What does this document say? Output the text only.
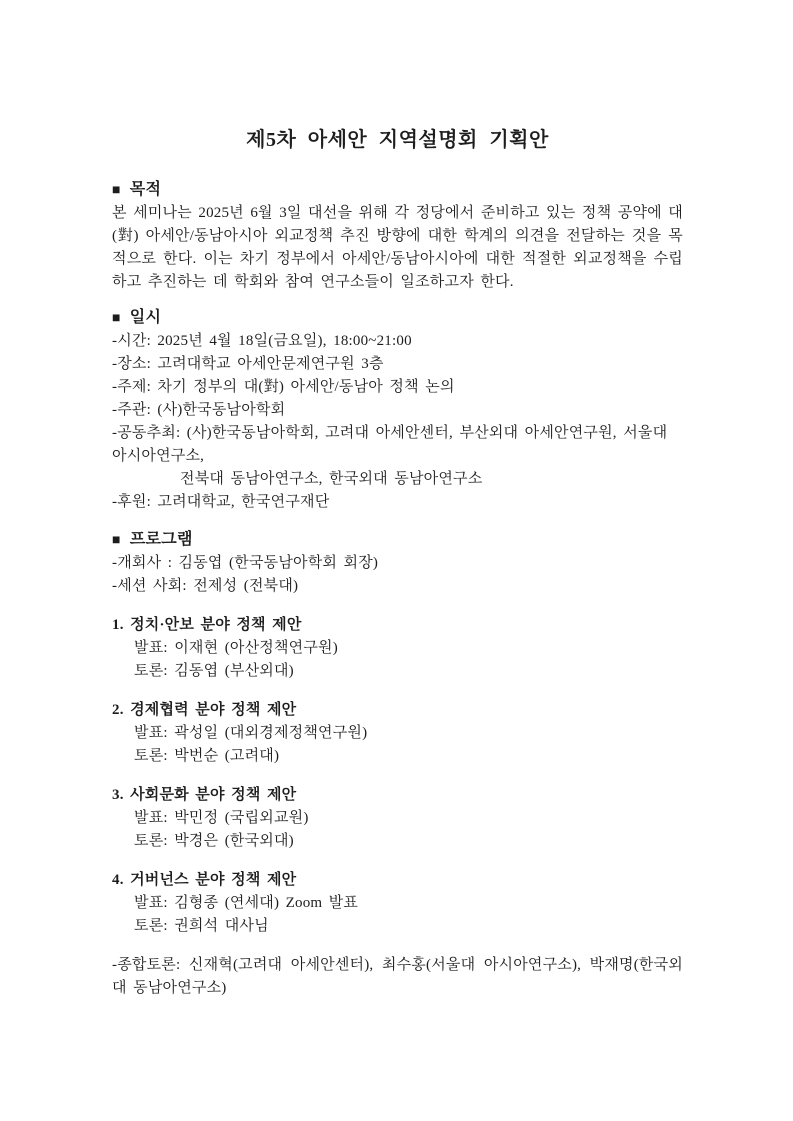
제5차 아세안 지역설명회 기획안
■ 목적

본 세미나는 2025년 6월 3일 대선을 위해 각 정당에서 준비하고 있는 정책 공약에 대(對) 아세안/동남아시아 외교정책 추진 방향에 대한 학계의 의견을 전달하는 것을 목적으로 한다. 이는 차기 정부에서 아세안/동남아시아에 대한 적절한 외교정책을 수립하고 추진하는 데 학회와 참여 연구소들이 일조하고자 한다.

■ 일시
-시간: 2025년 4월 18일(금요일), 18:00~21:00
-장소: 고려대학교 아세안문제연구원 3층
-주제: 차기 정부의 대(對) 아세안/동남아 정책 논의
-주관: (사)한국동남아학회
-공동추최: (사)한국동남아학회, 고려대 아세안센터, 부산외대 아세안연구원, 서울대 아시아연구소,
전북대 동남아연구소, 한국외대 동남아연구소
-후원: 고려대학교, 한국연구재단
■ 프로그램
-개회사 : 김동엽 (한국동남아학회 회장)
-세션 사회: 전제성 (전북대)
1. 정치·안보 분야 정책 제안
발표: 이재현 (아산정책연구원)
토론: 김동엽 (부산외대)
2. 경제협력 분야 정책 제안
발표: 곽성일 (대외경제정책연구원)
토론: 박번순 (고려대)
3. 사회문화 분야 정책 제안
발표: 박민정 (국립외교원)
토론: 박경은 (한국외대)
4. 거버넌스 분야 정책 제안
발표: 김형종 (연세대) Zoom 발표
토론: 권희석 대사님

-종합토론: 신재혁(고려대 아세안센터), 최수홍(서울대 아시아연구소), 박재명(한국외대 동남아연구소)
